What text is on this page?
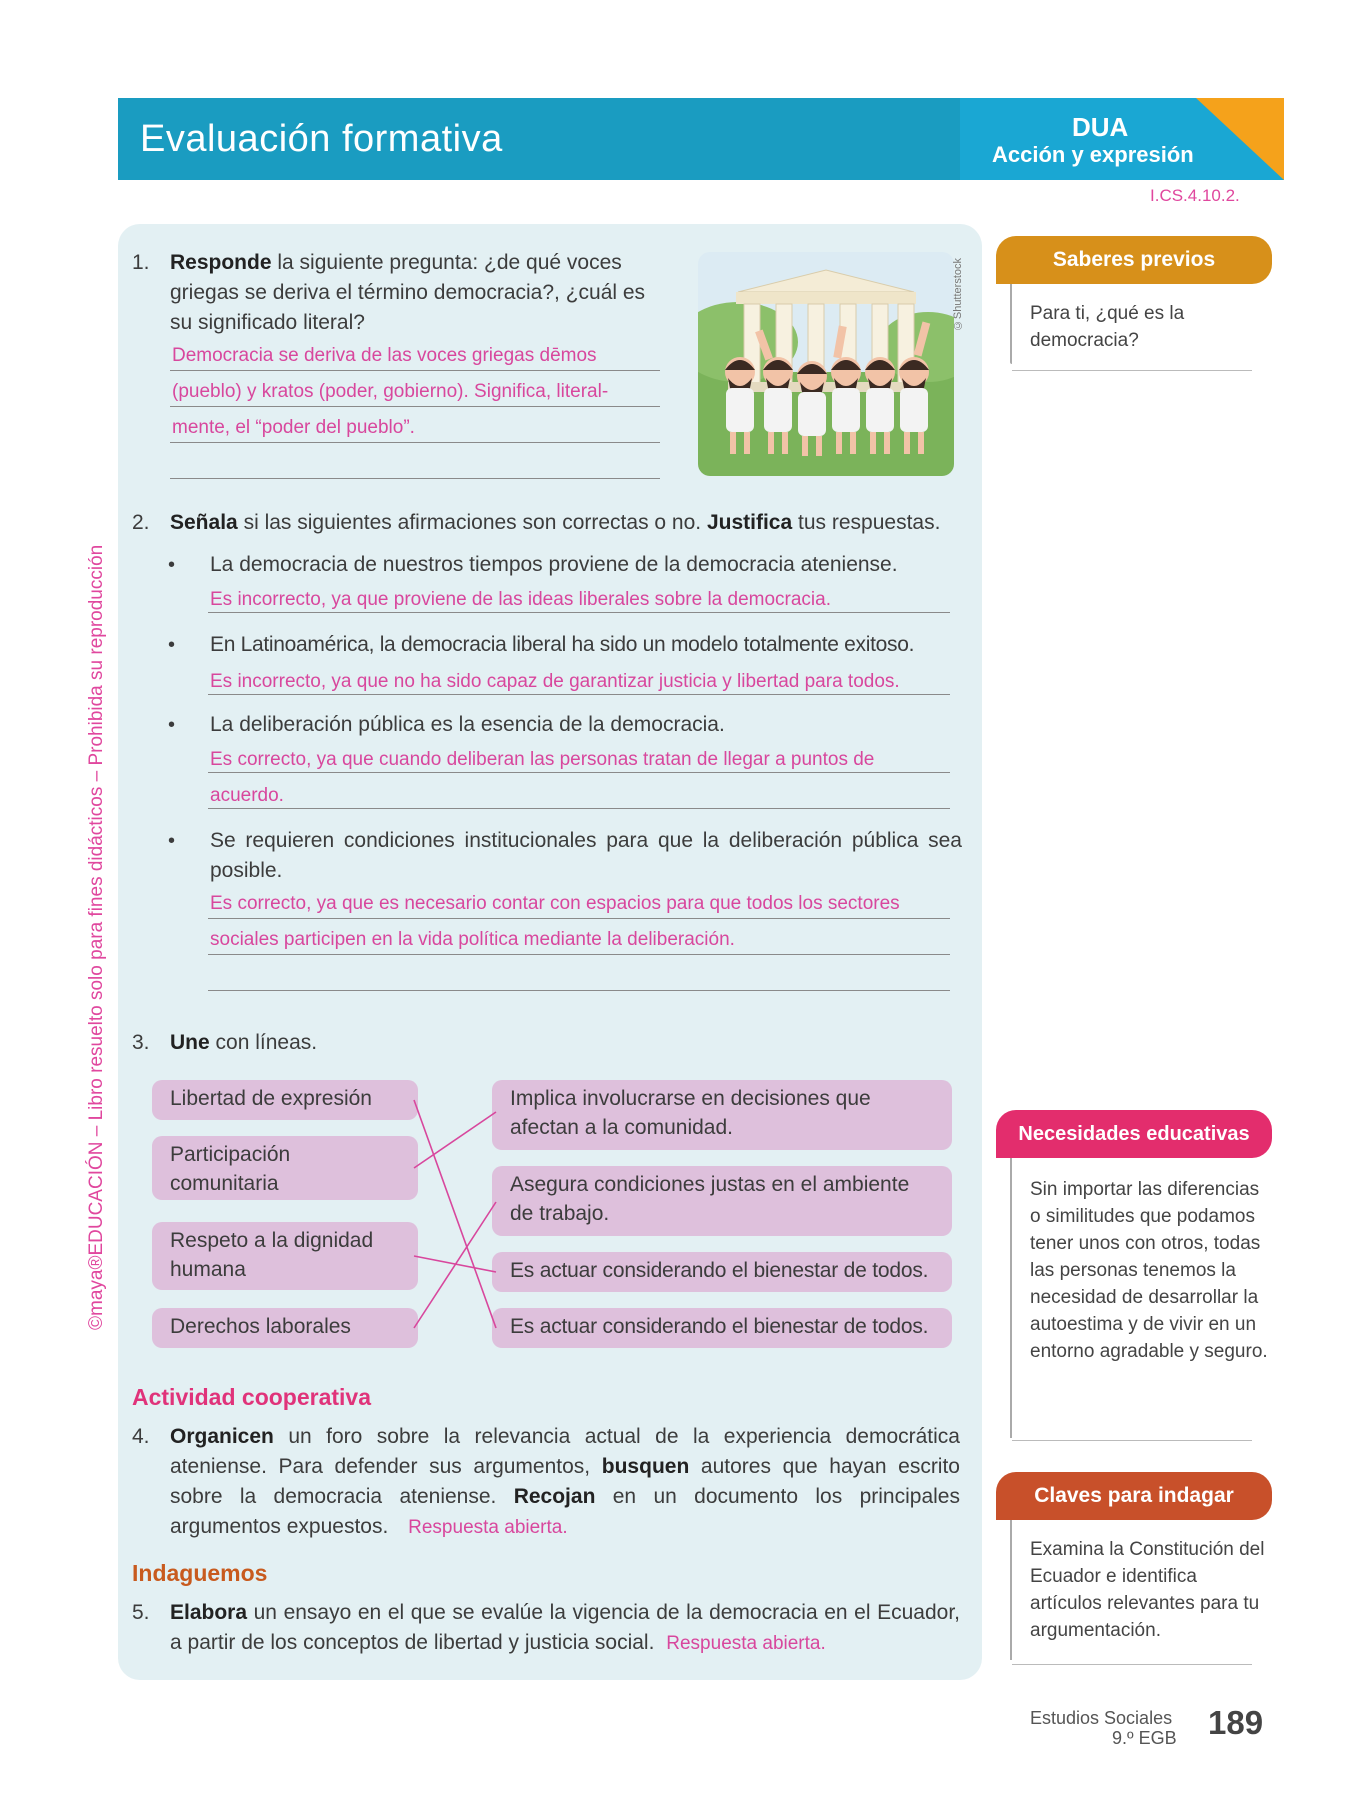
Evaluación formativa	DUA
Acción y expresión
I.CS.4.10.2.
©maya®EDUCACIÓN – Libro resuelto solo para fines didácticos – Prohibida su reproducción
1. Responde la siguiente pregunta: ¿de qué voces griegas se deriva el término democracia?, ¿cuál es su significado literal?
Democracia se deriva de las voces griegas dēmos
(pueblo) y kratos (poder, gobierno). Significa, literal-
mente, el “poder del pueblo”.
©Shutterstock
2. Señala si las siguientes afirmaciones son correctas o no. Justifica tus respuestas.
• La democracia de nuestros tiempos proviene de la democracia ateniense.
Es incorrecto, ya que proviene de las ideas liberales sobre la democracia.
• En Latinoamérica, la democracia liberal ha sido un modelo totalmente exitoso.
Es incorrecto, ya que no ha sido capaz de garantizar justicia y libertad para todos.
• La deliberación pública es la esencia de la democracia.
Es correcto, ya que cuando deliberan las personas tratan de llegar a puntos de
acuerdo.
• Se requieren condiciones institucionales para que la deliberación pública sea posible.
Es correcto, ya que es necesario contar con espacios para que todos los sectores
sociales participen en la vida política mediante la deliberación.
3. Une con líneas.
Libertad de expresión
Participación comunitaria
Respeto a la dignidad humana
Derechos laborales
Implica involucrarse en decisiones que afectan a la comunidad.
Asegura condiciones justas en el ambiente de trabajo.
Es actuar considerando el bienestar de todos.
Es actuar considerando el bienestar de todos.
Actividad cooperativa
4. Organicen un foro sobre la relevancia actual de la experiencia democrática ateniense. Para defender sus argumentos, busquen autores que hayan escrito sobre la democracia ateniense. Recojan en un documento los principales argumentos expuestos. Respuesta abierta.
Indaguemos
5. Elabora un ensayo en el que se evalúe la vigencia de la democracia en el Ecuador, a partir de los conceptos de libertad y justicia social. Respuesta abierta.
Saberes previos
Para ti, ¿qué es la democracia?
Necesidades educativas
Sin importar las diferencias o similitudes que podamos tener unos con otros, todas las personas tenemos la necesidad de desarrollar la autoestima y de vivir en un entorno agradable y seguro.
Claves para indagar
Examina la Constitución del Ecuador e identifica artículos relevantes para tu argumentación.
Estudios Sociales
9.º EGB 189
